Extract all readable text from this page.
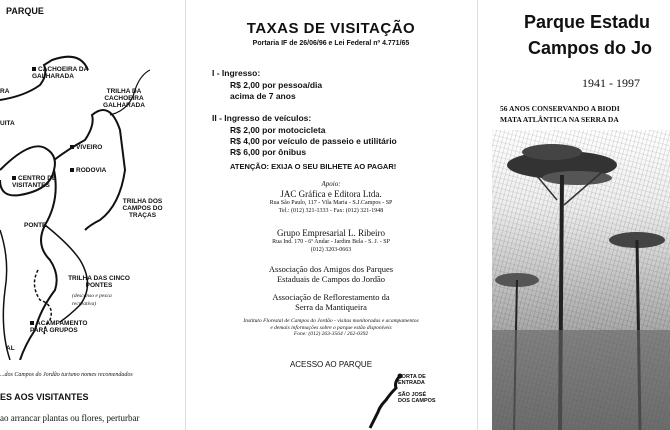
PARQUE
CACHOEIRA DA GALHARADA
RA
UITA
TRILHA DA CACHOEIRA GALHARADA
VIVEIRO
RODOVIA
CENTRO DE VISITANTES
TRILHA DOS CAMPOS DO TRAÇAS
PONTE
TRILHA DAS CINCO PONTES
(descanso e pesca recreativa)
ACAMPAMENTO PARA GRUPOS
AL
...dos Campos do Jordão turismo nomes recomendados
ES AOS VISITANTES
ao arrancar plantas ou flores, perturbar
TAXAS DE VISITAÇÃO
Portaria IF de 26/06/96 e Lei Federal nº 4.771/65
I - Ingresso:
R$ 2,00 por pessoa/dia
acima de 7 anos
II - Ingresso de veículos:
R$ 2,00 por motocicleta
R$ 4,00 por veículo de passeio e utilitário
R$ 6,00 por ônibus
ATENÇÃO: EXIJA O SEU BILHETE AO PAGAR!
Apoio:
JAC Gráfica e Editora Ltda.
Rua São Paulo, 117 - Vila Maria - S.J.Campos - SP
Tel.: (012) 321-1333 - Fax: (012) 321-1948
Grupo Empresarial L. Ribeiro
Rua Ind. 170 - 6º Andar - Jardim Bela - S. J. - SP
(012) 3203-0663
Associação dos Amigos dos Parques
Estaduais de Campos do Jordão
Associação de Reflorestamento da
Serra da Mantiqueira
Instituto Florestal de Campos do Jordão - visitas monitoradas e acampamentos
e demais informações sobre o parque estão disponíveis
Fone: (012) 263-3564 / 262-0392
ACESSO AO PARQUE
PORTA DE ENTRADA
SÃO JOSÉ DOS CAMPOS
Parque Estadu
Campos do Jo
1941 - 1997
56 ANOS CONSERVANDO A BIODI
MATA ATLÂNTICA NA SERRA DA
